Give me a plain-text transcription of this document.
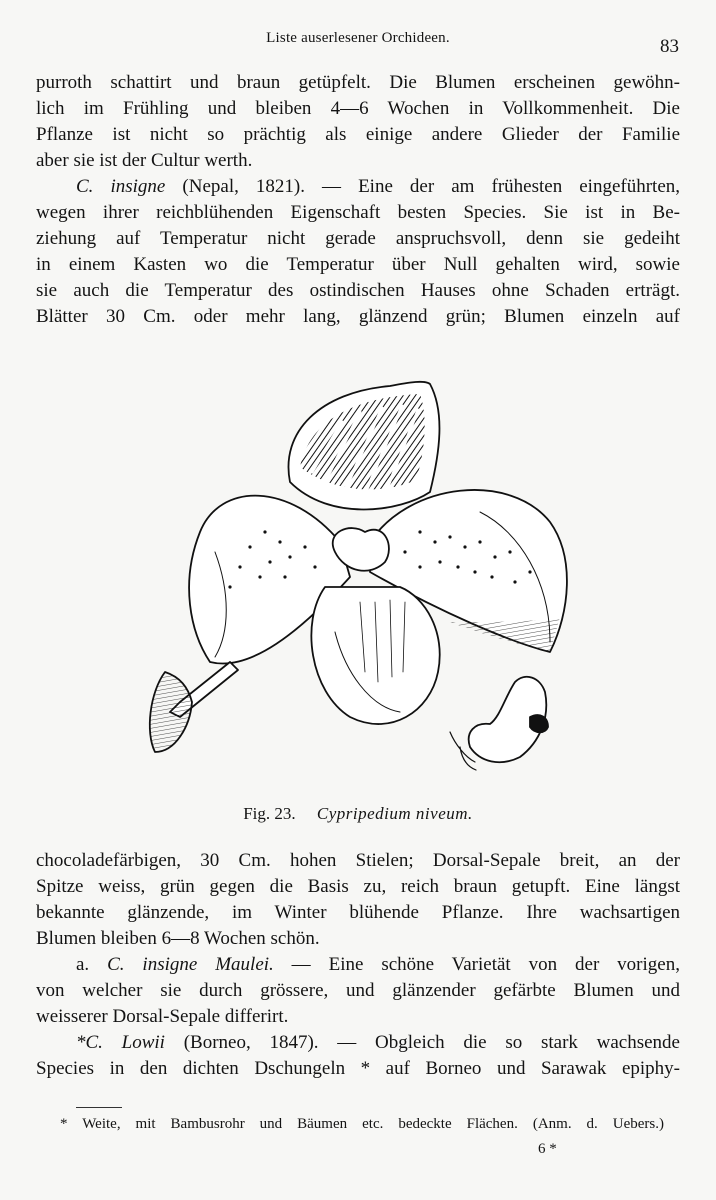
Liste auserlesener Orchideen.	83
purroth schattirt und braun getüpfelt. Die Blumen erscheinen gewöhn-
lich im Frühling und bleiben 4—6 Wochen in Vollkommenheit. Die
Pflanze ist nicht so prächtig als einige andere Glieder der Familie
aber sie ist der Cultur werth.
C. insigne (Nepal, 1821). — Eine der am frühesten eingeführten,
wegen ihrer reichblühenden Eigenschaft besten Species. Sie ist in Be-
ziehung auf Temperatur nicht gerade anspruchsvoll, denn sie gedeiht
in einem Kasten wo die Temperatur über Null gehalten wird, sowie
sie auch die Temperatur des ostindischen Hauses ohne Schaden erträgt.
Blätter 30 Cm. oder mehr lang, glänzend grün; Blumen einzeln auf
Fig. 23. Cypripedium niveum.
chocoladefärbigen, 30 Cm. hohen Stielen; Dorsal-Sepale breit, an der
Spitze weiss, grün gegen die Basis zu, reich braun getupft. Eine längst
bekannte glänzende, im Winter blühende Pflanze. Ihre wachsartigen
Blumen bleiben 6—8 Wochen schön.
a. C. insigne Maulei. — Eine schöne Varietät von der vorigen,
von welcher sie durch grössere, und glänzender gefärbte Blumen und
weisserer Dorsal-Sepale differirt.
*C. Lowii (Borneo, 1847). — Obgleich die so stark wachsende
Species in den dichten Dschungeln * auf Borneo und Sarawak epiphy-
* Weite, mit Bambusrohr und Bäumen etc. bedeckte Flächen. (Anm. d. Uebers.)
6 *
